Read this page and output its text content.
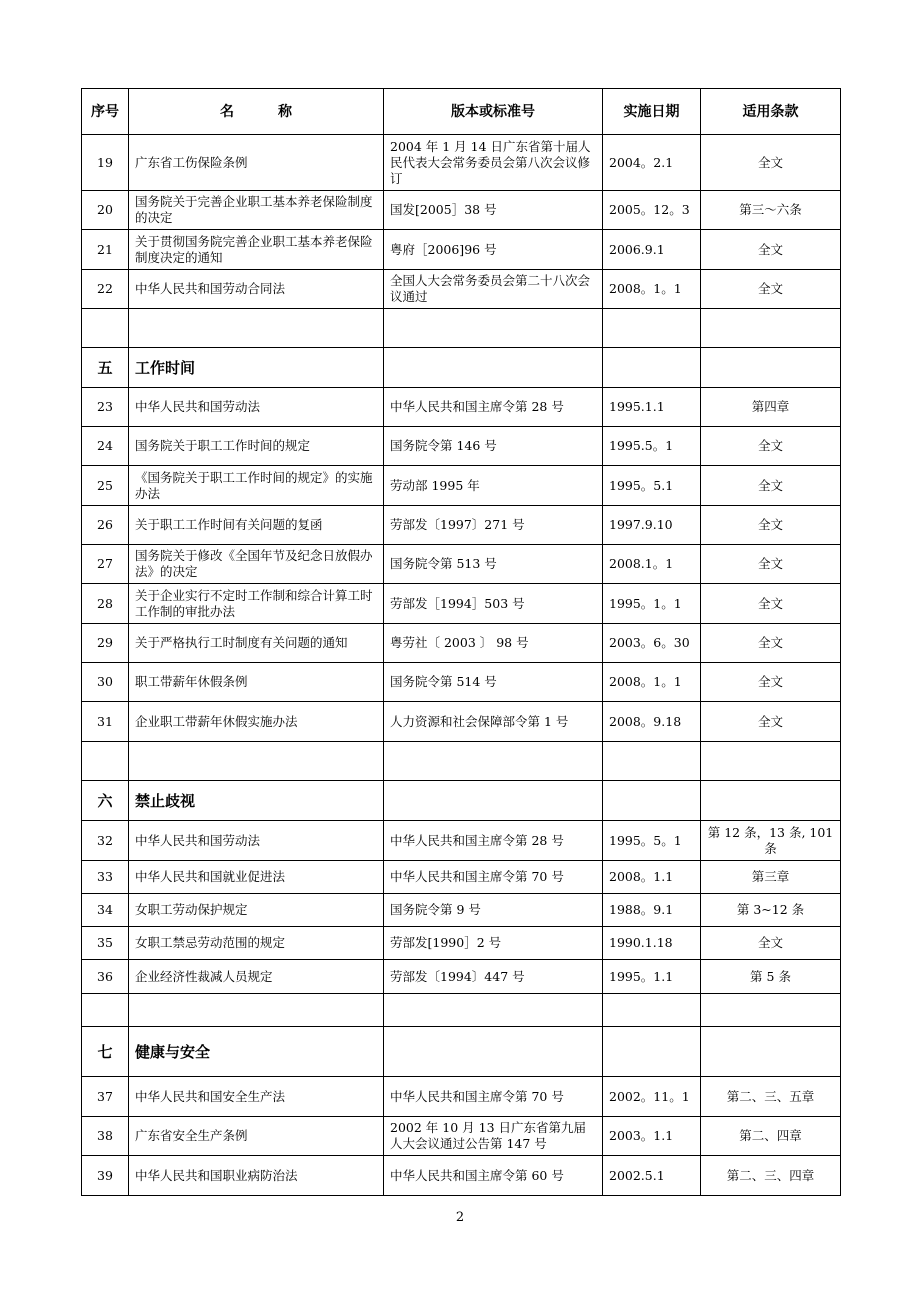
序号	名 称	版本或标准号	实施日期	适用条款
19	广东省工伤保险条例	2004 年 1 月 14 日广东省第十届人民代表大会常务委员会第八次会议修订	2004。2.1	全文
20	国务院关于完善企业职工基本养老保险制度的决定	国发[2005］38 号	2005。12。3	第三～六条
21	关于贯彻国务院完善企业职工基本养老保险制度决定的通知	粤府［2006]96 号	2006.9.1	全文
22	中华人民共和国劳动合同法	全国人大会常务委员会第二十八次会议通过	2008。1。1	全文

五	工作时间			
23	中华人民共和国劳动法	中华人民共和国主席令第 28 号	1995.1.1	第四章
24	国务院关于职工工作时间的规定	国务院令第 146 号	1995.5。1	全文
25	《国务院关于职工工作时间的规定》的实施办法	劳动部 1995 年	1995。5.1	全文
26	关于职工工作时间有关问题的复函	劳部发〔1997〕271 号	1997.9.10	全文
27	国务院关于修改《全国年节及纪念日放假办法》的决定	国务院令第 513 号	2008.1。1	全文
28	关于企业实行不定时工作制和综合计算工时工作制的审批办法	劳部发［1994］503 号	1995。1。1	全文
29	关于严格执行工时制度有关问题的通知	粤劳社〔 2003 〕 98 号	2003。6。30	全文
30	职工带薪年休假条例	国务院令第 514 号	2008。1。1	全文
31	企业职工带薪年休假实施办法	人力资源和社会保障部令第 1 号	2008。9.18	全文

六	禁止歧视			
32	中华人民共和国劳动法	中华人民共和国主席令第 28 号	1995。5。1	第 12 条，13 条, 101 条
33	中华人民共和国就业促进法	中华人民共和国主席令第 70 号	2008。1.1	第三章
34	女职工劳动保护规定	国务院令第 9 号	1988。9.1	第 3~12 条
35	女职工禁忌劳动范围的规定	劳部发[1990］2 号	1990.1.18	全文
36	企业经济性裁减人员规定	劳部发〔1994〕447 号	1995。1.1	第 5 条

七	健康与安全			
37	中华人民共和国安全生产法	中华人民共和国主席令第 70 号	2002。11。1	第二、三、五章
38	广东省安全生产条例	2002 年 10 月 13 日广东省第九届人大会议通过公告第 147 号	2003。1.1	第二、四章
39	中华人民共和国职业病防治法	中华人民共和国主席令第 60 号	2002.5.1	第二、三、四章
2
